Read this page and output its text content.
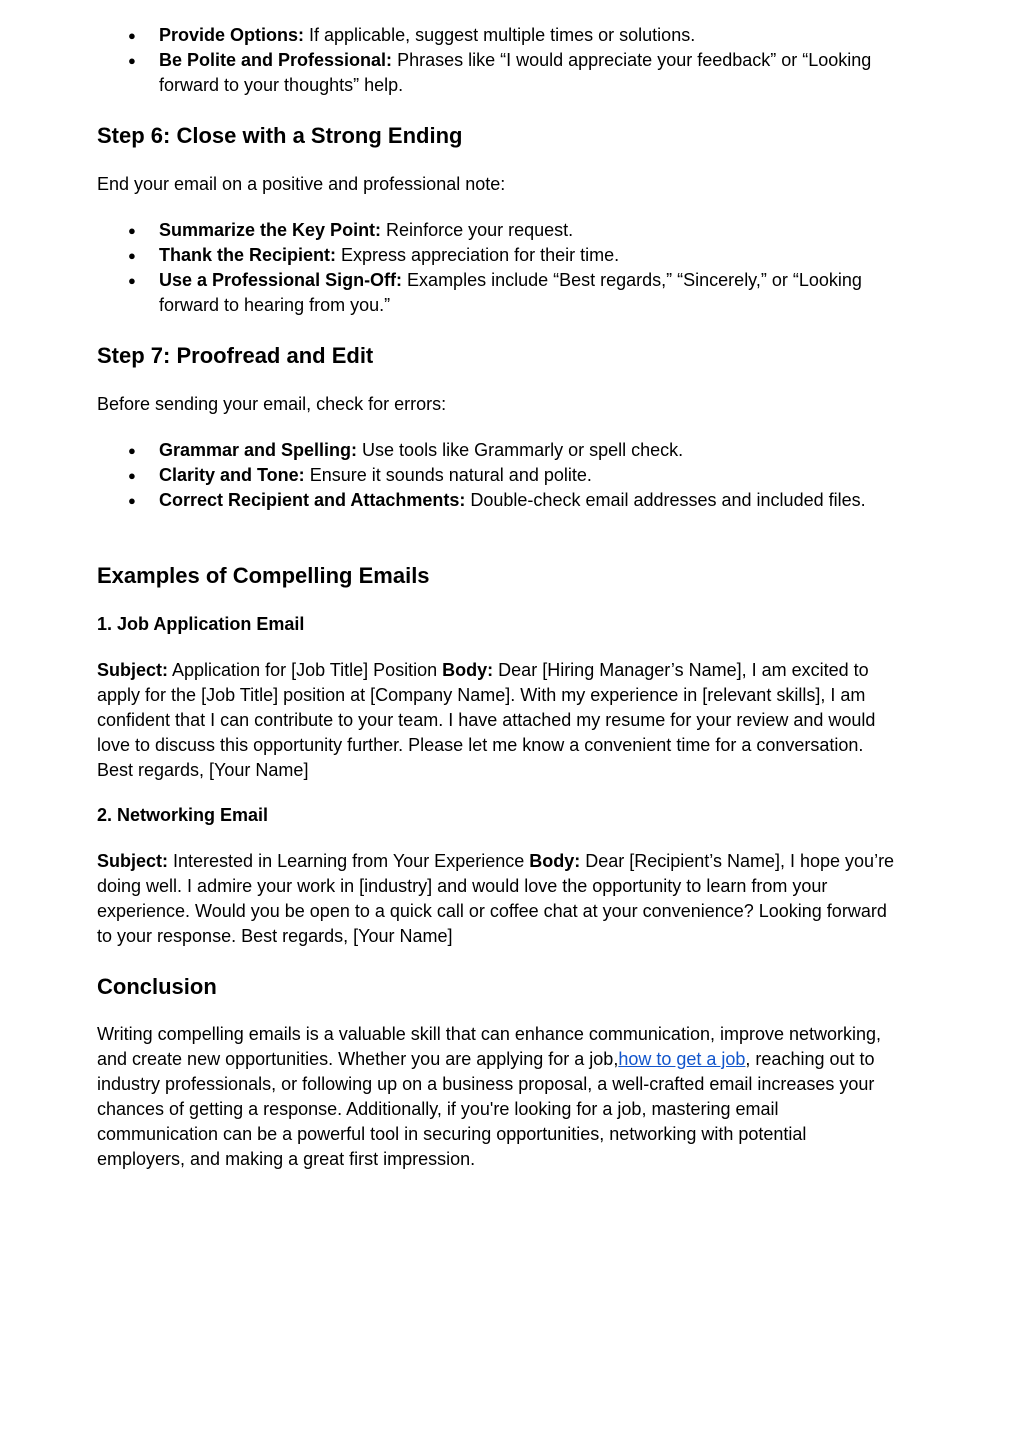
● Provide Options: If applicable, suggest multiple times or solutions.
● Be Polite and Professional: Phrases like “I would appreciate your feedback” or “Looking forward to your thoughts” help.
Step 6: Close with a Strong Ending

End your email on a positive and professional note:

● Summarize the Key Point: Reinforce your request.
● Thank the Recipient: Express appreciation for their time.
● Use a Professional Sign-Off: Examples include “Best regards,” “Sincerely,” or “Looking forward to hearing from you.”
Step 7: Proofread and Edit

Before sending your email, check for errors:

● Grammar and Spelling: Use tools like Grammarly or spell check.
● Clarity and Tone: Ensure it sounds natural and polite.
● Correct Recipient and Attachments: Double-check email addresses and included files.
Examples of Compelling Emails
1. Job Application Email

Subject: Application for [Job Title] Position Body: Dear [Hiring Manager’s Name], I am excited to apply for the [Job Title] position at [Company Name]. With my experience in [relevant skills], I am confident that I can contribute to your team. I have attached my resume for your review and would love to discuss this opportunity further. Please let me know a convenient time for a conversation. Best regards, [Your Name]

2. Networking Email

Subject: Interested in Learning from Your Experience Body: Dear [Recipient’s Name], I hope you’re doing well. I admire your work in [industry] and would love the opportunity to learn from your experience. Would you be open to a quick call or coffee chat at your convenience? Looking forward to your response. Best regards, [Your Name]

Conclusion

Writing compelling emails is a valuable skill that can enhance communication, improve networking, and create new opportunities. Whether you are applying for a job,how to get a job, reaching out to industry professionals, or following up on a business proposal, a well-crafted email increases your chances of getting a response. Additionally, if you're looking for a job, mastering email communication can be a powerful tool in securing opportunities, networking with potential employers, and making a great first impression.
